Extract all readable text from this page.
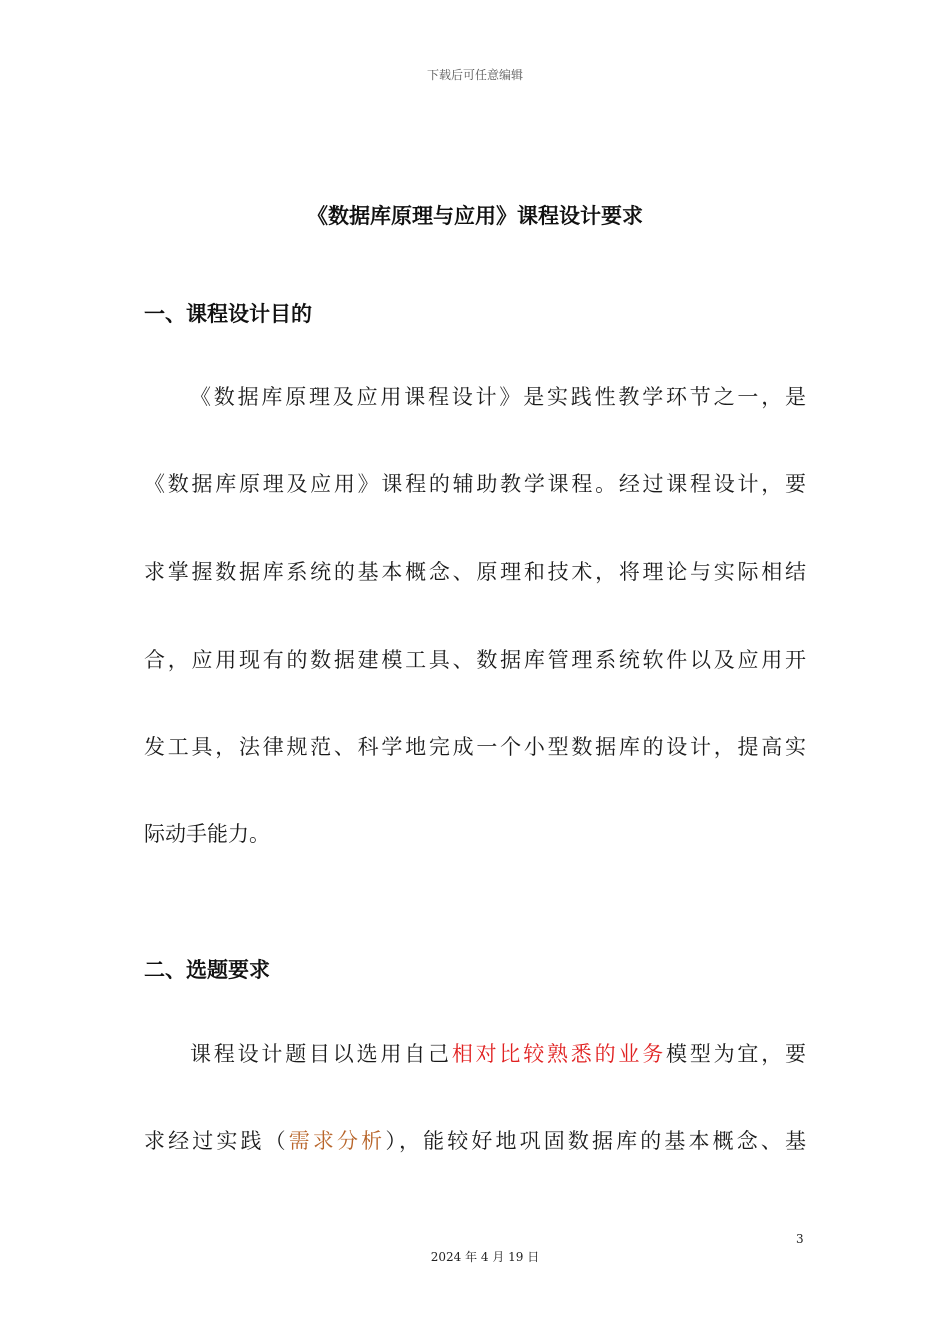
下载后可任意编辑
《数据库原理与应用》课程设计要求
一、课程设计目的
《数据库原理及应用课程设计》是实践性教学环节之一，是
《数据库原理及应用》课程的辅助教学课程。经过课程设计，要
求掌握数据库系统的基本概念、原理和技术，将理论与实际相结
合，应用现有的数据建模工具、数据库管理系统软件以及应用开
发工具，法律规范、科学地完成一个小型数据库的设计，提高实
际动手能力。
二、选题要求
课程设计题目以选用自己相对比较熟悉的业务模型为宜，要
求经过实践（需求分析），能较好地巩固数据库的基本概念、基
3
2024 年 4 月 19 日
